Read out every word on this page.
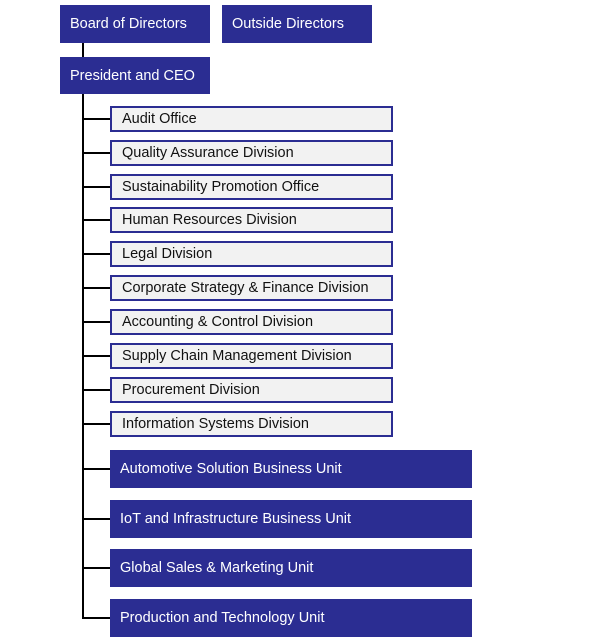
Board of Directors	Outside Directors
President and CEO
Audit Office
Quality Assurance Division
Sustainability Promotion Office
Human Resources Division
Legal Division
Corporate Strategy & Finance Division
Accounting & Control Division
Supply Chain Management Division
Procurement Division
Information Systems Division
Automotive Solution Business Unit
IoT and Infrastructure Business Unit
Global Sales & Marketing Unit
Production and Technology Unit
